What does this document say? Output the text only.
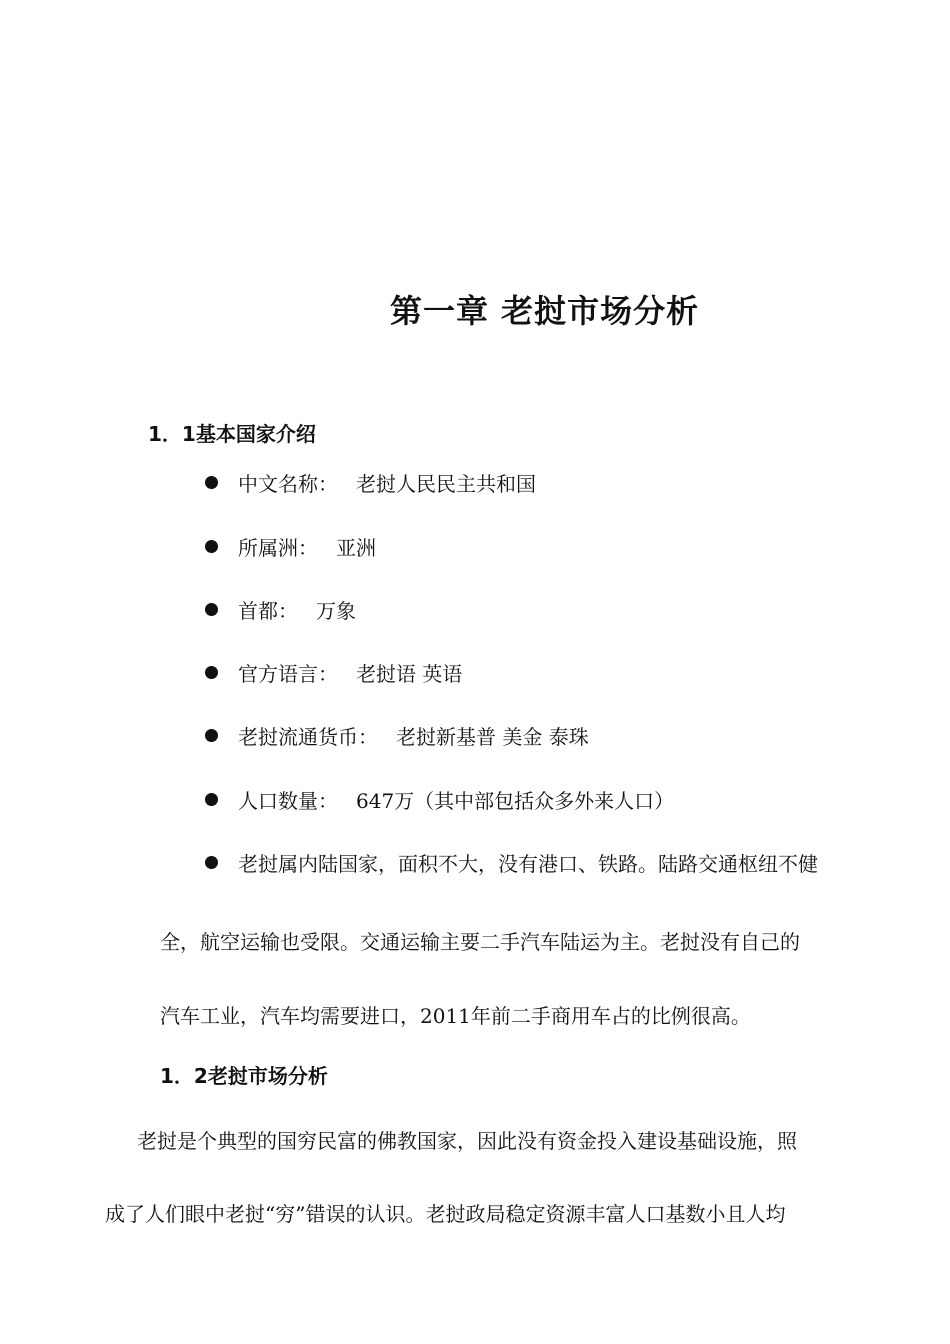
第一章 老挝市场分析
1．1基本国家介绍
中文名称： 老挝人民民主共和国
所属洲： 亚洲
首都： 万象
官方语言： 老挝语 英语
老挝流通货币： 老挝新基普 美金 泰珠
人口数量： 647万（其中部包括众多外来人口）
老挝属内陆国家，面积不大，没有港口、铁路。陆路交通枢纽不健
全，航空运输也受限。交通运输主要二手汽车陆运为主。老挝没有自己的
汽车工业，汽车均需要进口，2011年前二手商用车占的比例很高。
1．2老挝市场分析
老挝是个典型的国穷民富的佛教国家，因此没有资金投入建设基础设施，照
成了人们眼中老挝“穷”错误的认识。老挝政局稳定资源丰富人口基数小且人均
